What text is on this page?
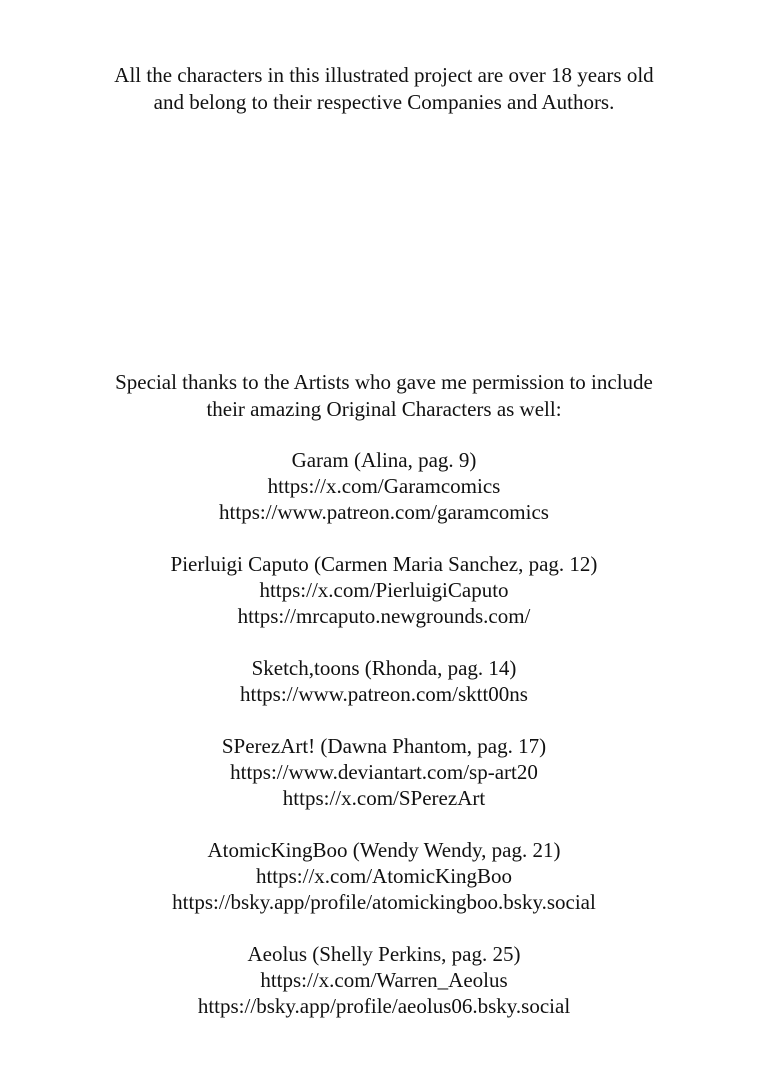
All the characters in this illustrated project are over 18 years old
and belong to their respective Companies and Authors.
Special thanks to the Artists who gave me permission to include
their amazing Original Characters as well:
Garam (Alina, pag. 9)
https://x.com/Garamcomics
https://www.patreon.com/garamcomics
Pierluigi Caputo (Carmen Maria Sanchez, pag. 12)
https://x.com/PierluigiCaputo
https://mrcaputo.newgrounds.com/
Sketch,toons (Rhonda, pag. 14)
https://www.patreon.com/sktt00ns
SPerezArt! (Dawna Phantom, pag. 17)
https://www.deviantart.com/sp-art20
https://x.com/SPerezArt
AtomicKingBoo (Wendy Wendy, pag. 21)
https://x.com/AtomicKingBoo
https://bsky.app/profile/atomickingboo.bsky.social
Aeolus (Shelly Perkins, pag. 25)
https://x.com/Warren_Aeolus
https://bsky.app/profile/aeolus06.bsky.social
